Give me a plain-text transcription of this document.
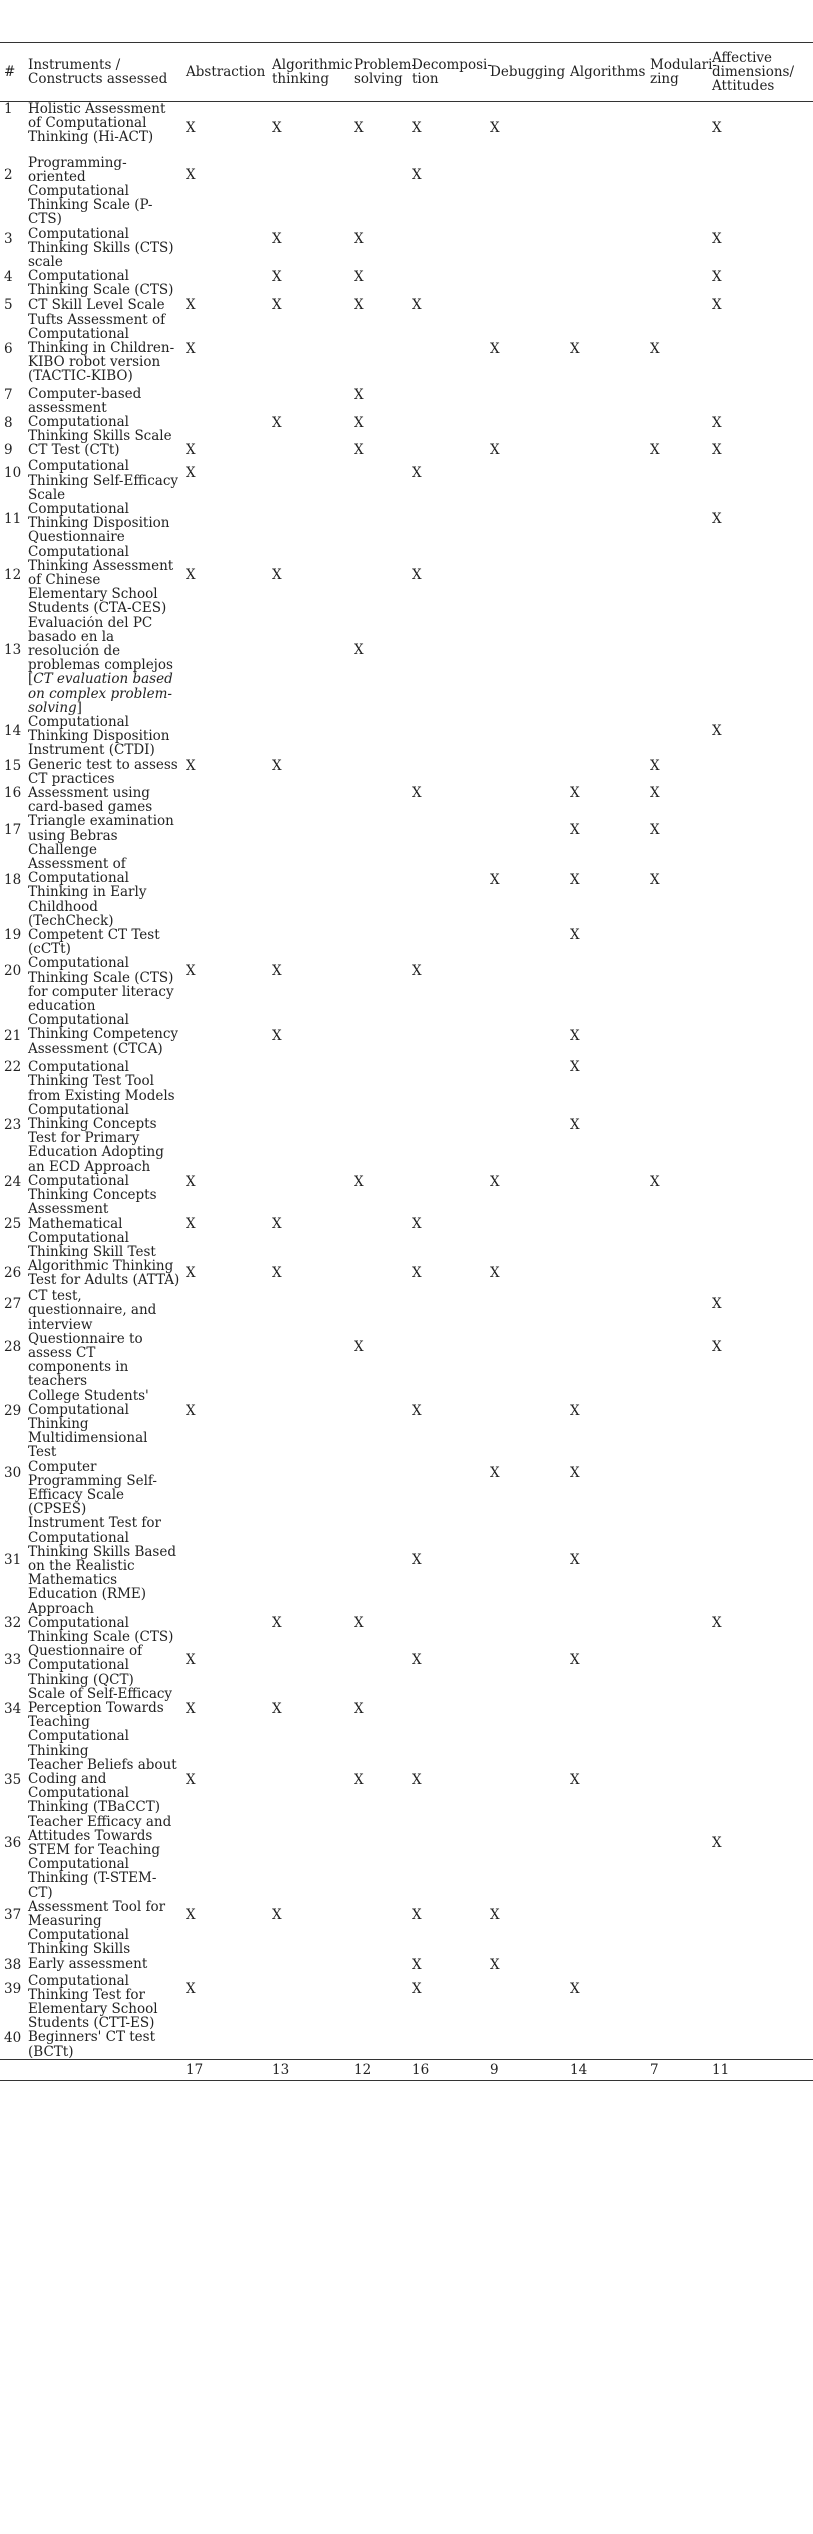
#	Instruments / Constructs assessed	Abstraction	Algorithmic thinking	Problem-solving	Decomposi-tion	Debugging	Algorithms	Modulari-zing	Affective dimensions/ Attitudes
1	Holistic Assessment of Computational Thinking (Hi-ACT)	X	X	X	X	X			X
2	Programming-oriented Computational Thinking Scale (P-CTS)	X			X				
3	Computational Thinking Skills (CTS) scale		X	X					X
4	Computational Thinking Scale (CTS)		X	X					X
5	CT Skill Level Scale	X	X	X	X				X
6	Tufts Assessment of Computational Thinking in Children-KIBO robot version (TACTIC-KIBO)	X				X	X	X	
7	Computer-based assessment			X					
8	Computational Thinking Skills Scale		X	X					X
9	CT Test (CTt)	X		X		X		X	X
10	Computational Thinking Self-Efficacy Scale	X			X				
11	Computational Thinking Disposition Questionnaire								X
12	Computational Thinking Assessment of Chinese Elementary School Students (CTA-CES)	X	X		X				
13	Evaluación del PC basado en la resolución de problemas complejos [CT evaluation based on complex problem-solving]			X					
14	Computational Thinking Disposition Instrument (CTDI)								X
15	Generic test to assess CT practices	X	X					X	
16	Assessment using card-based games				X		X	X	
17	Triangle examination using Bebras Challenge						X	X	
18	Assessment of Computational Thinking in Early Childhood (TechCheck)					X	X	X	
19	Competent CT Test (cCTt)						X		
20	Computational Thinking Scale (CTS) for computer literacy education	X	X		X				
21	Computational Thinking Competency Assessment (CTCA)		X				X		
22	Computational Thinking Test Tool from Existing Models						X		
23	Computational Thinking Concepts Test for Primary Education Adopting an ECD Approach						X		
24	Computational Thinking Concepts Assessment	X		X		X		X	
25	Mathematical Computational Thinking Skill Test	X	X		X				
26	Algorithmic Thinking Test for Adults (ATTA)	X	X		X	X			
27	CT test, questionnaire, and interview								X
28	Questionnaire to assess CT components in teachers			X					X
29	College Students' Computational Thinking Multidimensional Test	X			X		X		
30	Computer Programming Self-Efficacy Scale (CPSES)					X	X		
31	Instrument Test for Computational Thinking Skills Based on the Realistic Mathematics Education (RME) Approach				X		X		
32	Computational Thinking Scale (CTS)		X	X					X
33	Questionnaire of Computational Thinking (QCT)	X			X		X		
34	Scale of Self-Efficacy Perception Towards Teaching Computational Thinking	X	X	X					
35	Teacher Beliefs about Coding and Computational Thinking (TBaCCT)	X		X	X		X		
36	Teacher Efficacy and Attitudes Towards STEM for Teaching Computational Thinking (T-STEM-CT)								X
37	Assessment Tool for Measuring Computational Thinking Skills	X	X		X	X			
38	Early assessment				X	X			
39	Computational Thinking Test for Elementary School Students (CTT-ES)	X			X		X		
40	Beginners' CT test (BCTt)								
		17	13	12	16	9	14	7	11
